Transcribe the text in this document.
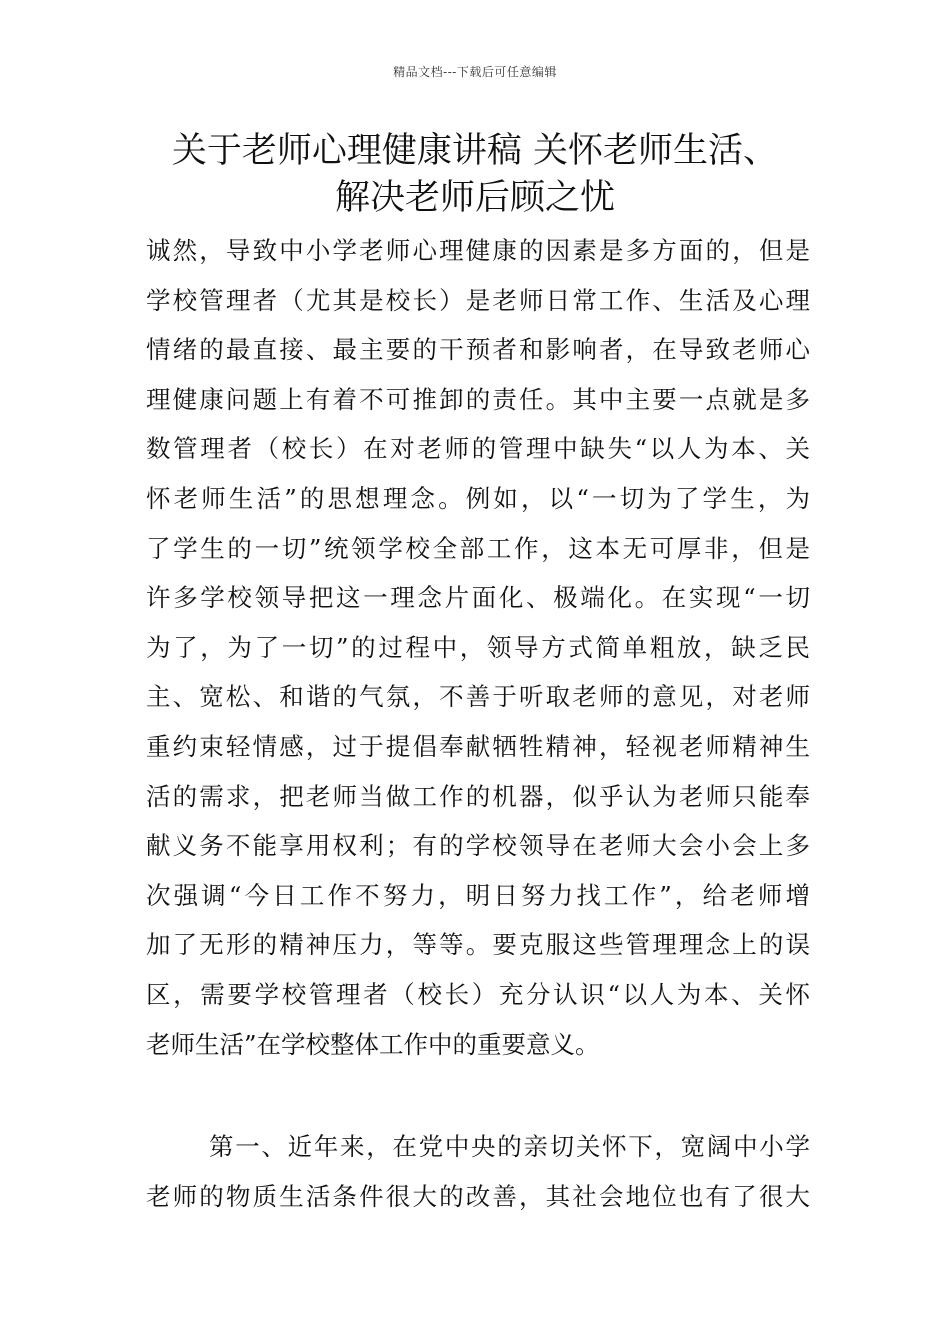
精品文档---下载后可任意编辑
关于老师心理健康讲稿 关怀老师生活、
解决老师后顾之忧
诚然，导致中小学老师心理健康的因素是多方面的，但是
学校管理者（尤其是校长）是老师日常工作、生活及心理
情绪的最直接、最主要的干预者和影响者，在导致老师心
理健康问题上有着不可推卸的责任。其中主要一点就是多
数管理者（校长）在对老师的管理中缺失“以人为本、关
怀老师生活”的思想理念。例如，以“一切为了学生，为
了学生的一切”统领学校全部工作，这本无可厚非，但是
许多学校领导把这一理念片面化、极端化。在实现“一切
为了，为了一切”的过程中，领导方式简单粗放，缺乏民
主、宽松、和谐的气氛，不善于听取老师的意见，对老师
重约束轻情感，过于提倡奉献牺牲精神，轻视老师精神生
活的需求，把老师当做工作的机器，似乎认为老师只能奉
献义务不能享用权利；有的学校领导在老师大会小会上多
次强调“今日工作不努力，明日努力找工作”，给老师增
加了无形的精神压力，等等。要克服这些管理理念上的误
区，需要学校管理者（校长）充分认识“以人为本、关怀
老师生活”在学校整体工作中的重要意义。
第一、近年来，在党中央的亲切关怀下，宽阔中小学
老师的物质生活条件很大的改善，其社会地位也有了很大
